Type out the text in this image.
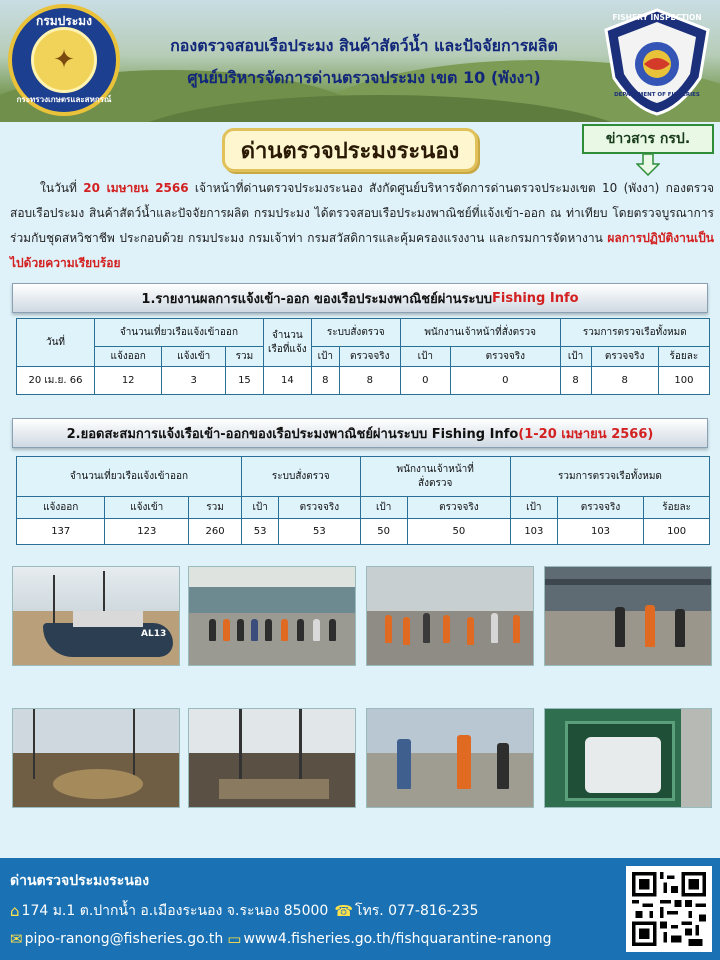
กรมประมง
✦
กระทรวงเกษตรและสหกรณ์
กองตรวจสอบเรือประมง สินค้าสัตว์น้ำ และปัจจัยการผลิต
ศูนย์บริหารจัดการด่านตรวจประมง เขต 10 (พังงา)
FISHERY INSPECTION
DEPARTMENT OF FISHERIES
ด่านตรวจประมงระนอง	ข่าวสาร กรป.
ในวันที่ 20 เมษายน 2566 เจ้าหน้าที่ด่านตรวจประมงระนอง สังกัดศูนย์บริหารจัดการด่านตรวจประมงเขต 10 (พังงา) กองตรวจสอบเรือประมง สินค้าสัตว์น้ำและปัจจัยการผลิต กรมประมง ได้ตรวจสอบเรือประมงพาณิชย์ที่แจ้งเข้า-ออก ณ ท่าเทียบ โดยตรวจบูรณาการร่วมกับชุดสหวิชาชีพ ประกอบด้วย กรมประมง กรมเจ้าท่า กรมสวัสดิการและคุ้มครองแรงงาน และกรมการจัดหางาน ผลการปฏิบัติงานเป็นไปด้วยความเรียบร้อย
1.รายงานผลการแจ้งเข้า-ออก ของเรือประมงพาณิชย์ผ่านระบบ Fishing Info
วันที่	จำนวนเที่ยวเรือแจ้งเข้าออก			จำนวน
เรือที่แจ้ง	ระบบสั่งตรวจ		พนักงานเจ้าหน้าที่สั่งตรวจ		รวมการตรวจเรือทั้งหมด		
	แจ้งออก	แจ้งเข้า	รวม		เป้า	ตรวจจริง	เป้า	ตรวจจริง	เป้า	ตรวจจริง	ร้อยละ
20 เม.ย. 66	12	3	15	14	8	8	0	0	8	8	100
2.ยอดสะสมการแจ้งเรือเข้า-ออกของเรือประมงพาณิชย์ผ่านระบบ Fishing Info (1-20 เมษายน 2566)
จำนวนเที่ยวเรือแจ้งเข้าออก			ระบบสั่งตรวจ		พนักงานเจ้าหน้าที่
สั่งตรวจ		รวมการตรวจเรือทั้งหมด		
แจ้งออก	แจ้งเข้า	รวม	เป้า	ตรวจจริง	เป้า	ตรวจจริง	เป้า	ตรวจจริง	ร้อยละ
137	123	260	53	53	50	50	103	103	100
AL13
ด่านตรวจประมงระนอง
⌂ 174 ม.1 ต.ปากน้ำ อ.เมืองระนอง จ.ระนอง 85000 ☎ โทร. 077-816-235
✉ pipo-ranong@fisheries.go.th ▭ www4.fisheries.go.th/fishquarantine-ranong
